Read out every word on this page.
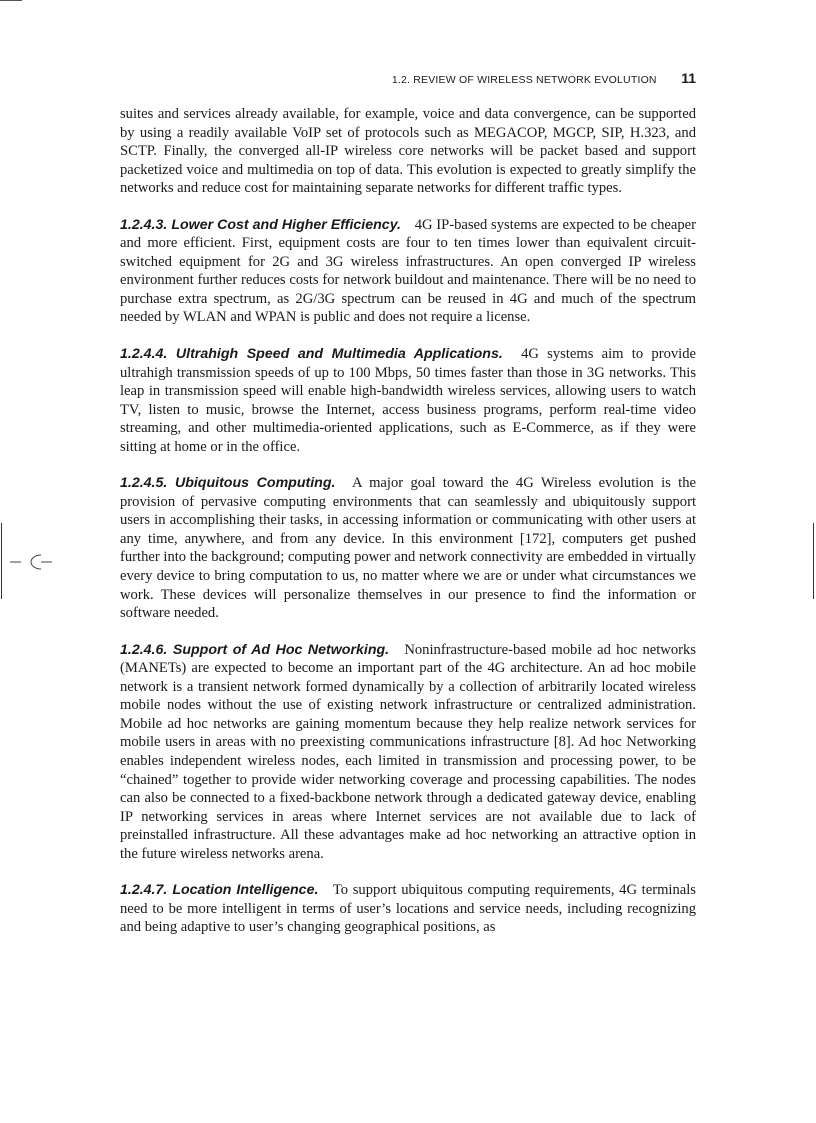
1.2. REVIEW OF WIRELESS NETWORK EVOLUTION 11

suites and services already available, for example, voice and data convergence, can be supported by using a readily available VoIP set of protocols such as MEGACOP, MGCP, SIP, H.323, and SCTP. Finally, the converged all-IP wireless core networks will be packet based and support packetized voice and multimedia on top of data. This evolution is expected to greatly simplify the networks and reduce cost for maintaining separate networks for different traffic types.

1.2.4.3. Lower Cost and Higher Efficiency. 4G IP-based systems are expected to be cheaper and more efficient. First, equipment costs are four to ten times lower than equivalent circuit-switched equipment for 2G and 3G wireless infrastructures. An open converged IP wireless environment further reduces costs for network buildout and maintenance. There will be no need to purchase extra spectrum, as 2G/3G spectrum can be reused in 4G and much of the spectrum needed by WLAN and WPAN is public and does not require a license.

1.2.4.4. Ultrahigh Speed and Multimedia Applications. 4G systems aim to provide ultrahigh transmission speeds of up to 100 Mbps, 50 times faster than those in 3G networks. This leap in transmission speed will enable high-bandwidth wireless services, allowing users to watch TV, listen to music, browse the Internet, access business programs, perform real-time video streaming, and other multimedia-oriented applications, such as E-Commerce, as if they were sitting at home or in the office.

1.2.4.5. Ubiquitous Computing. A major goal toward the 4G Wireless evolution is the provision of pervasive computing environments that can seamlessly and ubiquitously support users in accomplishing their tasks, in accessing information or communicating with other users at any time, anywhere, and from any device. In this environment [172], computers get pushed further into the background; computing power and network connectivity are embedded in virtually every device to bring computation to us, no matter where we are or under what circumstances we work. These devices will personalize themselves in our presence to find the information or software needed.

1.2.4.6. Support of Ad Hoc Networking. Noninfrastructure-based mobile ad hoc networks (MANETs) are expected to become an important part of the 4G architecture. An ad hoc mobile network is a transient network formed dynamically by a collection of arbitrarily located wireless mobile nodes without the use of existing network infrastructure or centralized administration. Mobile ad hoc networks are gaining momentum because they help realize network services for mobile users in areas with no preexisting communications infrastructure [8]. Ad hoc Networking enables independent wireless nodes, each limited in transmission and processing power, to be “chained” together to provide wider networking coverage and processing capabilities. The nodes can also be connected to a fixed-backbone network through a dedicated gateway device, enabling IP networking services in areas where Internet services are not available due to lack of preinstalled infrastructure. All these advantages make ad hoc networking an attractive option in the future wireless networks arena.

1.2.4.7. Location Intelligence. To support ubiquitous computing requirements, 4G terminals need to be more intelligent in terms of user’s locations and service needs, including recognizing and being adaptive to user’s changing geographical positions, as
